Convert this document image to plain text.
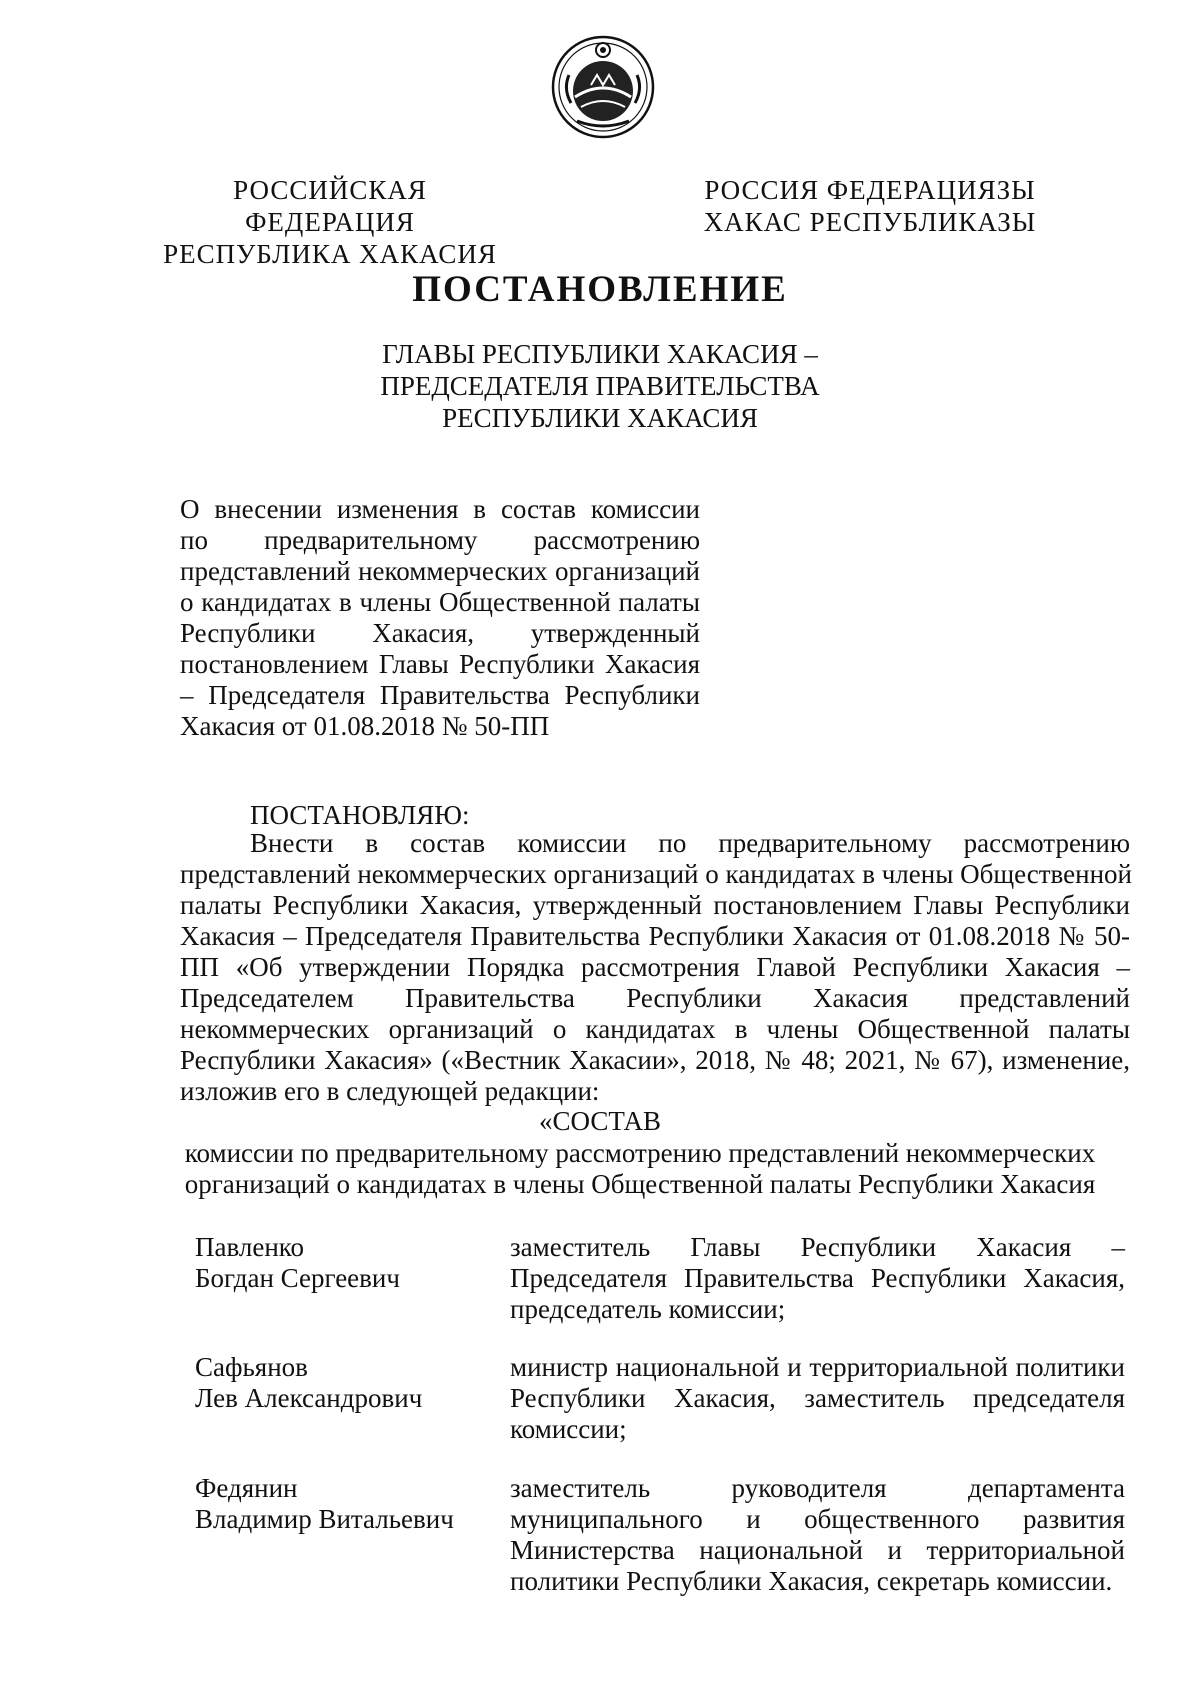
РОССИЙСКАЯ ФЕДЕРАЦИЯ
РЕСПУБЛИКА ХАКАСИЯ
РОССИЯ ФЕДЕРАЦИЯЗЫ
ХАКАС РЕСПУБЛИКАЗЫ
ПОСТАНОВЛЕНИЕ
ГЛАВЫ РЕСПУБЛИКИ ХАКАСИЯ –
ПРЕДСЕДАТЕЛЯ ПРАВИТЕЛЬСТВА
РЕСПУБЛИКИ ХАКАСИЯ
О внесении изменения в состав комиссии
по предварительному рассмотрению
представлений некоммерческих организаций
о кандидатах в члены Общественной палаты
Республики Хакасия, утвержденный
постановлением Главы Республики Хакасия
– Председателя Правительства Республики
Хакасия от 01.08.2018 № 50-ПП
ПОСТАНОВЛЯЮ:
Внести в состав комиссии по предварительному рассмотрению
представлений некоммерческих организаций о кандидатах в члены Общественной
палаты Республики Хакасия, утвержденный постановлением Главы Республики
Хакасия – Председателя Правительства Республики Хакасия от 01.08.2018 № 50-
ПП «Об утверждении Порядка рассмотрения Главой Республики Хакасия –
Председателем Правительства Республики Хакасия представлений
некоммерческих организаций о кандидатах в члены Общественной палаты
Республики Хакасия» («Вестник Хакасии», 2018, № 48; 2021, № 67), изменение,
изложив его в следующей редакции:
«СОСТАВ
комиссии по предварительному рассмотрению представлений некоммерческих
организаций о кандидатах в члены Общественной палаты Республики Хакасия
Павленко
Богдан Сергеевич
заместитель Главы Республики Хакасия –
Председателя Правительства Республики Хакасия,
председатель комиссии;
Сафьянов
Лев Александрович
министр национальной и территориальной политики
Республики Хакасия, заместитель председателя
комиссии;
Федянин
Владимир Витальевич
заместитель руководителя департамента
муниципального и общественного развития
Министерства национальной и территориальной
политики Республики Хакасия, секретарь комиссии.
